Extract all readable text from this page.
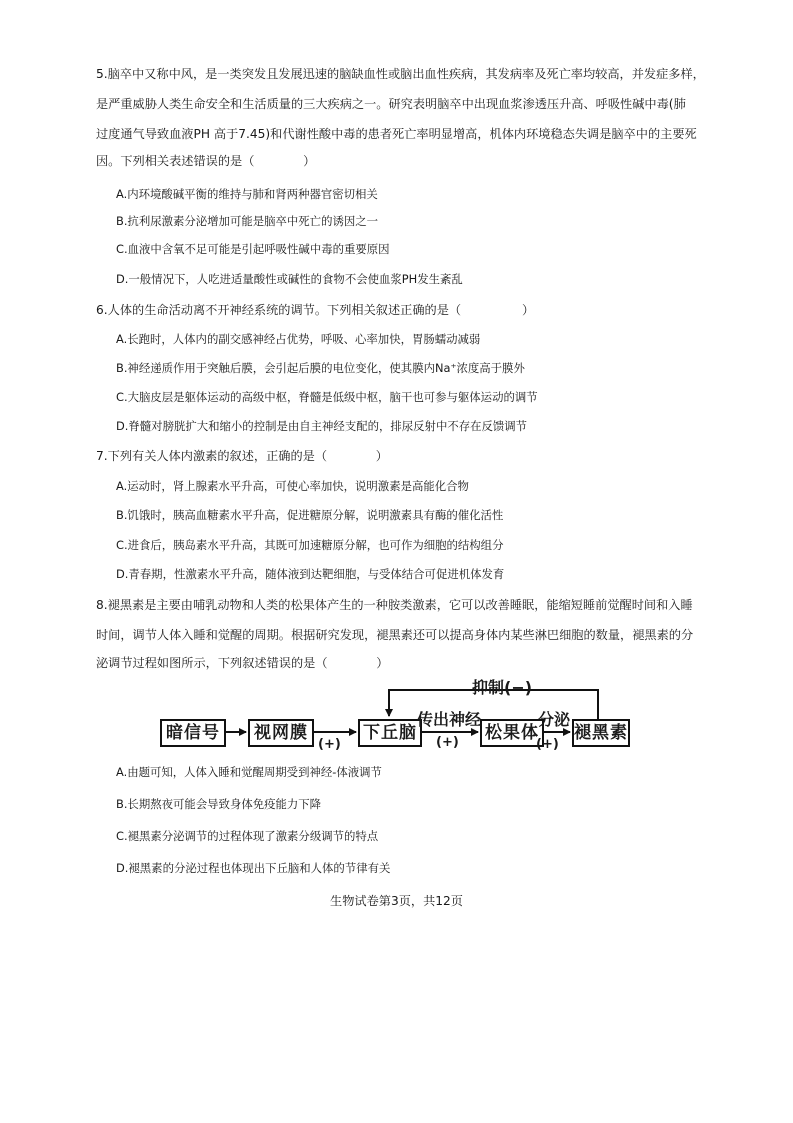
5.脑卒中又称中风，是一类突发且发展迅速的脑缺血性或脑出血性疾病，其发病率及死亡率均较高，并发症多样，
是严重威胁人类生命安全和生活质量的三大疾病之一。研究表明脑卒中出现血浆渗透压升高、呼吸性碱中毒(肺
过度通气导致血液PH 高于7.45)和代谢性酸中毒的患者死亡率明显增高，机体内环境稳态失调是脑卒中的主要死
因。下列相关表述错误的是（　　　　）
A.内环境酸碱平衡的维持与肺和肾两种器官密切相关
B.抗利尿激素分泌增加可能是脑卒中死亡的诱因之一
C.血液中含氧不足可能是引起呼吸性碱中毒的重要原因
D.一般情况下，人吃进适量酸性或碱性的食物不会使血浆PH发生紊乱
6.人体的生命活动离不开神经系统的调节。下列相关叙述正确的是（　　　　　）
A.长跑时，人体内的副交感神经占优势，呼吸、心率加快，胃肠蠕动减弱
B.神经递质作用于突触后膜，会引起后膜的电位变化，使其膜内Na⁺浓度高于膜外
C.大脑皮层是躯体运动的高级中枢，脊髓是低级中枢，脑干也可参与躯体运动的调节
D.脊髓对膀胱扩大和缩小的控制是由自主神经支配的，排尿反射中不存在反馈调节
7.下列有关人体内激素的叙述，正确的是（　　　　）
A.运动时，肾上腺素水平升高，可使心率加快，说明激素是高能化合物
B.饥饿时，胰高血糖素水平升高，促进糖原分解，说明激素具有酶的催化活性
C.进食后，胰岛素水平升高，其既可加速糖原分解，也可作为细胞的结构组分
D.青春期，性激素水平升高，随体液到达靶细胞，与受体结合可促进机体发育
8.褪黑素是主要由哺乳动物和人类的松果体产生的一种胺类激素，它可以改善睡眠，能缩短睡前觉醒时间和入睡
时间，调节人体入睡和觉醒的周期。根据研究发现，褪黑素还可以提高身体内某些淋巴细胞的数量，褪黑素的分
泌调节过程如图所示，下列叙述错误的是（　　　　）
暗信号	视网膜	下丘脑	松果体 褪黑素
传出神经	分泌
抑制(−)
(+)	(+)	(+)
A.由题可知，人体入睡和觉醒周期受到神经-体液调节
B.长期熬夜可能会导致身体免疫能力下降
C.褪黑素分泌调节的过程体现了激素分级调节的特点
D.褪黑素的分泌过程也体现出下丘脑和人体的节律有关
生物试卷第3页，共12页
